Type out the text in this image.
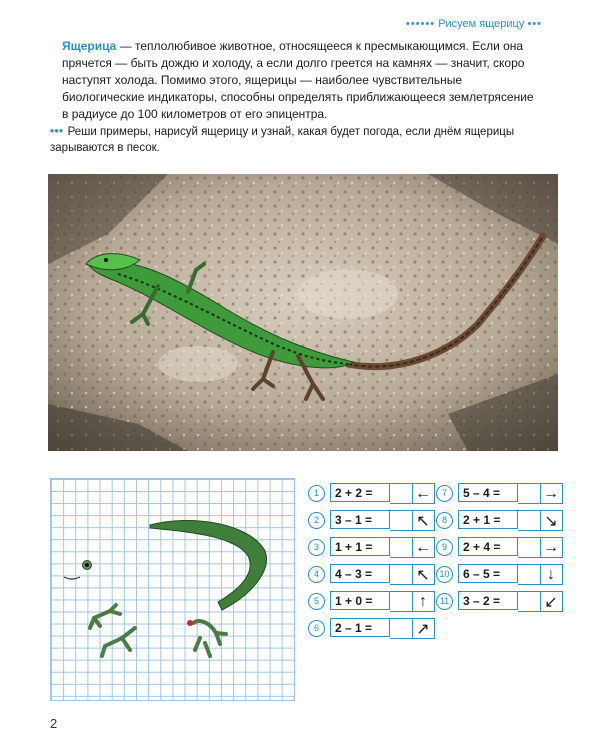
•••••• Рисуем ящерицу •••

Ящерица — теплолюбивое животное, относящееся к пресмыкающимся. Если она прячется — быть дождю и холоду, а если долго греется на камнях — значит, скоро наступят холода. Помимо этого, ящерицы — наиболее чувствительные биологические индикаторы, способны определять приближающееся землетрясение в радиусе до 100 километров от его эпицентра.

••• Реши примеры, нарисуй ящерицу и узнай, какая будет погода, если днём ящерицы зарываются в песок.
1	2 + 2 =	←
2	3 – 1 =	↖
3	1 + 1 =	←
4	4 – 3 =	↖
5	1 + 0 =	↑
6	2 – 1 =	↗
7	5 – 4 =	→
8	2 + 1 =	↘
9	2 + 4 =	→
10	6 – 5 =	↓
11	3 – 2 =	↙
2
